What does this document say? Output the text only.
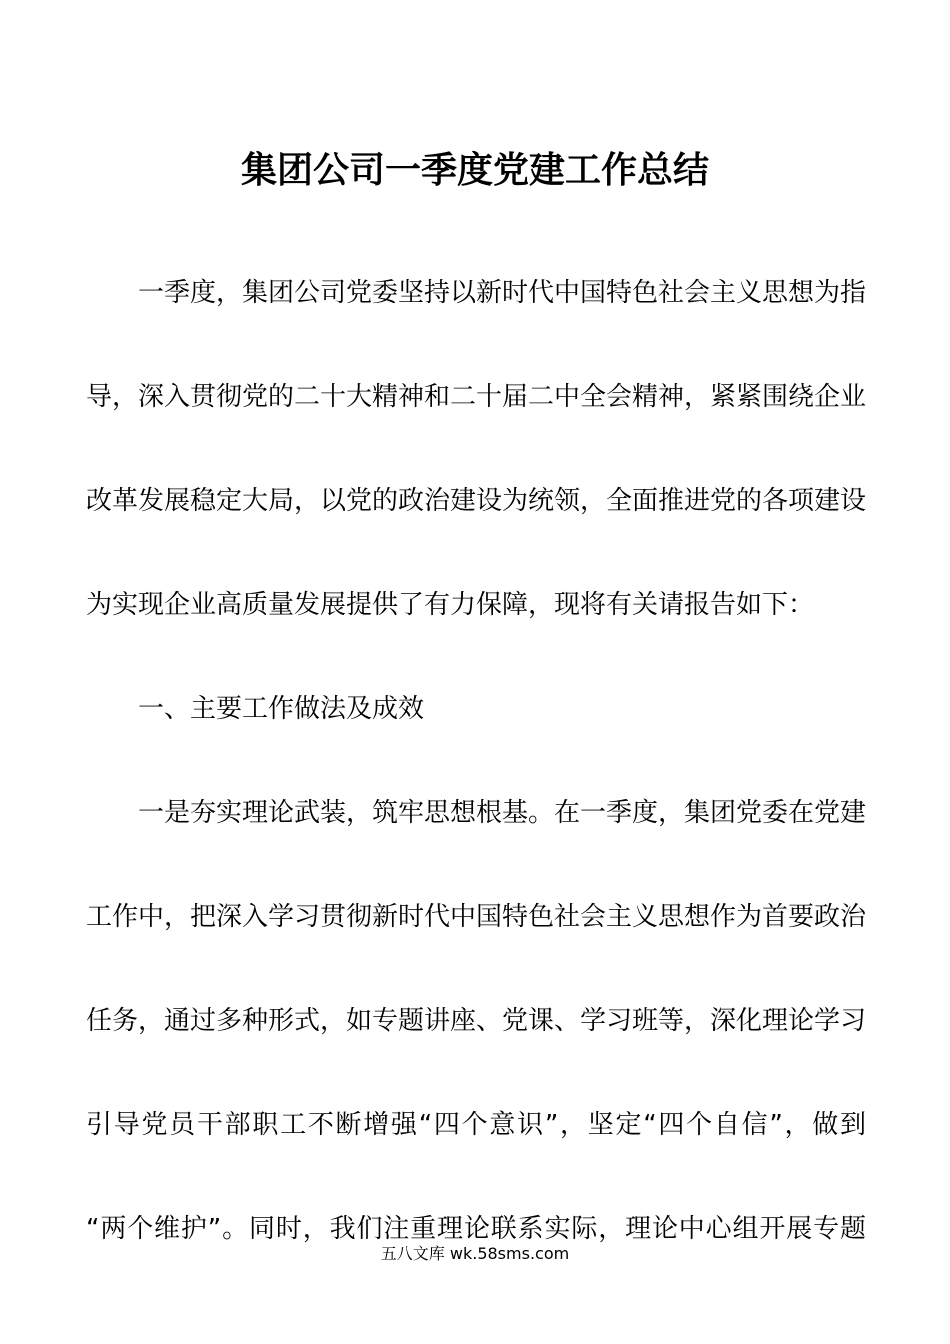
集团公司一季度党建工作总结
一季度，集团公司党委坚持以新时代中国特色社会主义思想为指
导，深入贯彻党的二十大精神和二十届二中全会精神，紧紧围绕企业
改革发展稳定大局，以党的政治建设为统领，全面推进党的各项建设
为实现企业高质量发展提供了有力保障，现将有关请报告如下：
一、主要工作做法及成效
一是夯实理论武装，筑牢思想根基。在一季度，集团党委在党建
工作中，把深入学习贯彻新时代中国特色社会主义思想作为首要政治
任务，通过多种形式，如专题讲座、党课、学习班等，深化理论学习
引导党员干部职工不断增强“四个意识”，坚定“四个自信”，做到
“两个维护”。同时，我们注重理论联系实际，理论中心组开展专题
五八文库 wk.58sms.com
